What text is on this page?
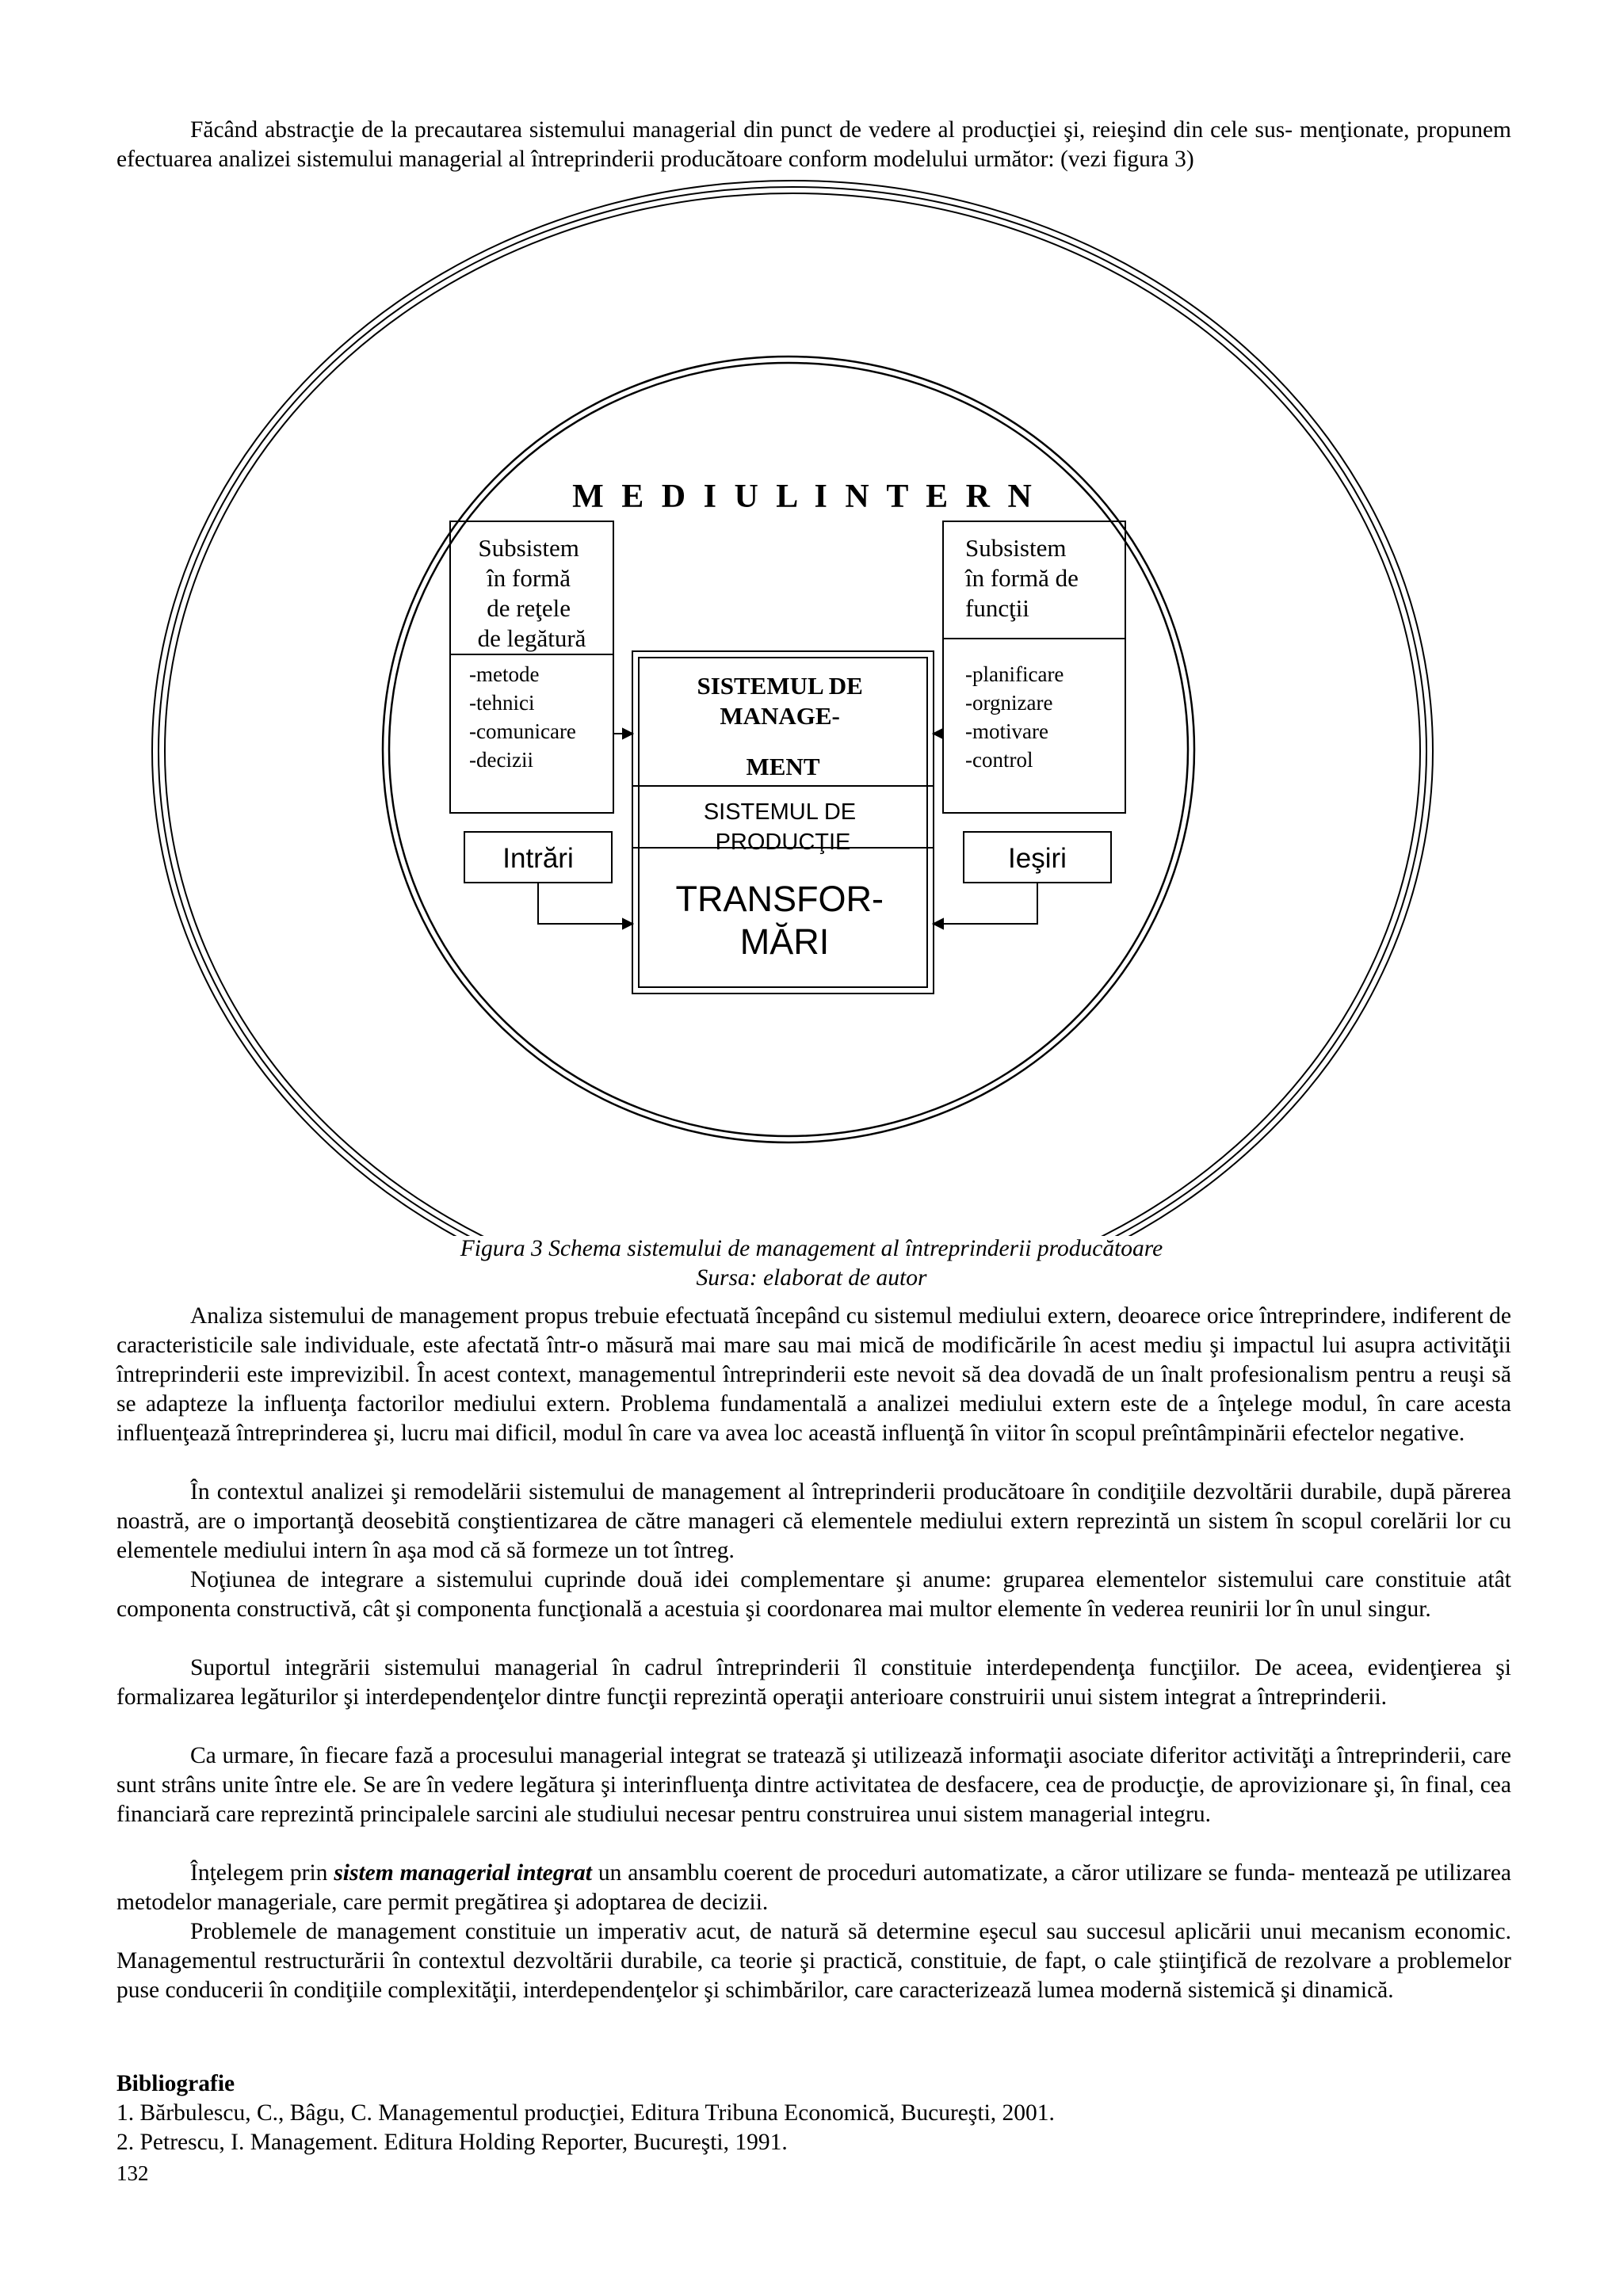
Făcând abstracţie de la precautarea sistemului managerial din punct de vedere al producţiei şi, reieşind din cele sus- menţionate, propunem efectuarea analizei sistemului managerial al întreprinderii producătoare conform modelului următor: (vezi figura 3)

M E D I U L I N T E R N
Subsistem în formă de reţele de legătură
-metode -tehnici -comunicare -decizii
Subsistem în formă de funcţii
-planificare -orgnizare -motivare -control
SISTEMUL DE MANAGE- MENT
SISTEMUL DE PRODUCŢIE
TRANSFOR- MĂRI
Intrări	Ieşiri

Figura 3 Schema sistemului de management al întreprinderii producătoare

Sursa: elaborat de autor

Analiza sistemului de management propus trebuie efectuată începând cu sistemul mediului extern, deoarece orice întreprindere, indiferent de caracteristicile sale individuale, este afectată într-o măsură mai mare sau mai mică de modificările în acest mediu şi impactul lui asupra activităţii întreprinderii este imprevizibil. În acest context, managementul întreprinderii este nevoit să dea dovadă de un înalt profesionalism pentru a reuşi să se adapteze la influenţa factorilor mediului extern. Problema fundamentală a analizei mediului extern este de a înţelege modul, în care acesta influenţează întreprinderea şi, lucru mai dificil, modul în care va avea loc această influenţă în viitor în scopul preîntâmpinării efectelor negative.

În contextul analizei şi remodelării sistemului de management al întreprinderii producătoare în condiţiile dezvoltării durabile, după părerea noastră, are o importanţă deosebită conştientizarea de către manageri că elementele mediului extern reprezintă un sistem în scopul corelării lor cu elementele mediului intern în aşa mod că să formeze un tot întreg.

Noţiunea de integrare a sistemului cuprinde două idei complementare şi anume: gruparea elementelor sistemului care constituie atât componenta constructivă, cât şi componenta funcţională a acestuia şi coordonarea mai multor elemente în vederea reunirii lor în unul singur.

Suportul integrării sistemului managerial în cadrul întreprinderii îl constituie interdependenţa funcţiilor. De aceea, evidenţierea şi formalizarea legăturilor şi interdependenţelor dintre funcţii reprezintă operaţii anterioare construirii unui sistem integrat a întreprinderii.

Ca urmare, în fiecare fază a procesului managerial integrat se tratează şi utilizează informaţii asociate diferitor activităţi a întreprinderii, care sunt strâns unite între ele. Se are în vedere legătura şi interinfluenţa dintre activitatea de desfacere, cea de producţie, de aprovizionare şi, în final, cea financiară care reprezintă principalele sarcini ale studiului necesar pentru construirea unui sistem managerial integru.

Înţelegem prin sistem managerial integrat un ansamblu coerent de proceduri automatizate, a căror utilizare se funda- mentează pe utilizarea metodelor manageriale, care permit pregătirea şi adoptarea de decizii.

Problemele de management constituie un imperativ acut, de natură să determine eşecul sau succesul aplicării unui mecanism economic. Managementul restructurării în contextul dezvoltării durabile, ca teorie şi practică, constituie, de fapt, o cale ştiinţifică de rezolvare a problemelor puse conducerii în condiţiile complexităţii, interdependenţelor şi schimbărilor, care caracterizează lumea modernă sistemică şi dinamică.

Bibliografie

1. Bărbulescu, C., Bâgu, C. Managementul producţiei, Editura Tribuna Economică, Bucureşti, 2001.

2. Petrescu, I. Management. Editura Holding Reporter, Bucureşti, 1991.

132
